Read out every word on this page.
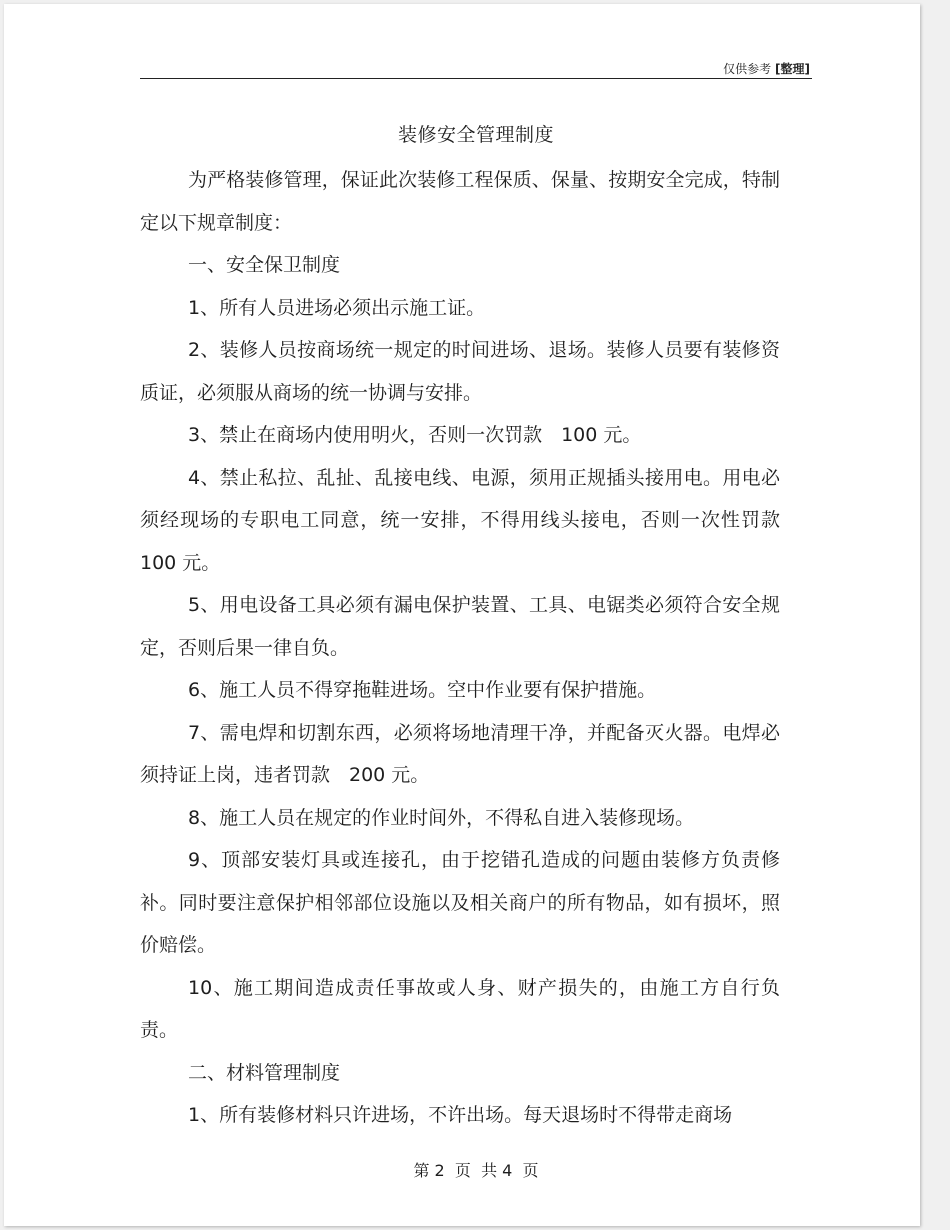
仅供参考 [整理]
装修安全管理制度

为严格装修管理，保证此次装修工程保质、保量、按期安全完成，特制定以下规章制度：

一、安全保卫制度

1、所有人员进场必须出示施工证。

2、装修人员按商场统一规定的时间进场、退场。装修人员要有装修资质证，必须服从商场的统一协调与安排。

3、禁止在商场内使用明火，否则一次罚款　100 元。

4、禁止私拉、乱扯、乱接电线、电源，须用正规插头接用电。用电必须经现场的专职电工同意，统一安排，不得用线头接电，否则一次性罚款 100 元。

5、用电设备工具必须有漏电保护装置、工具、电锯类必须符合安全规定，否则后果一律自负。

6、施工人员不得穿拖鞋进场。空中作业要有保护措施。

7、需电焊和切割东西，必须将场地清理干净，并配备灭火器。电焊必须持证上岗，违者罚款　200 元。

8、施工人员在规定的作业时间外，不得私自进入装修现场。

9、顶部安装灯具或连接孔，由于挖错孔造成的问题由装修方负责修补。同时要注意保护相邻部位设施以及相关商户的所有物品，如有损坏，照价赔偿。

10、施工期间造成责任事故或人身、财产损失的，由施工方自行负责。

二、材料管理制度

1、所有装修材料只许进场，不许出场。每天退场时不得带走商场

第 2  页  共 4  页
